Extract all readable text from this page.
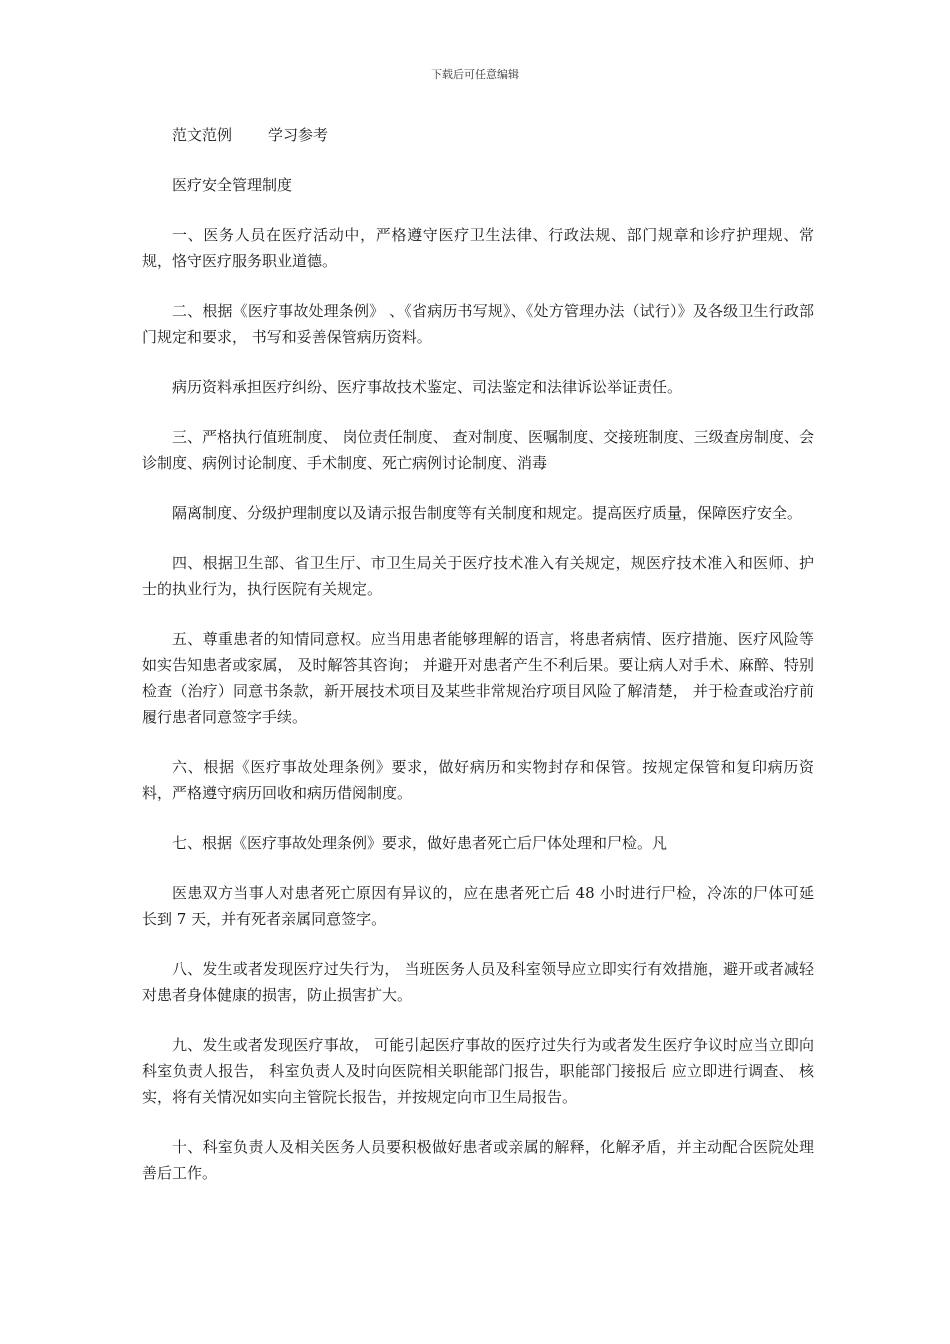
下载后可任意编辑

范文范例 学习参考

医疗安全管理制度

一、医务人员在医疗活动中，严格遵守医疗卫生法律、行政法规、部门规章和诊疗护理规、常规，恪守医疗服务职业道德。

二、根据《医疗事故处理条例》 、《省病历书写规》、《处方管理办法（试行）》及各级卫生行政部门规定和要求， 书写和妥善保管病历资料。

病历资料承担医疗纠纷、医疗事故技术鉴定、司法鉴定和法律诉讼举证责任。

三、严格执行值班制度、 岗位责任制度、 查对制度、医嘱制度、交接班制度、三级查房制度、会诊制度、病例讨论制度、手术制度、死亡病例讨论制度、消毒

隔离制度、分级护理制度以及请示报告制度等有关制度和规定。提高医疗质量，保障医疗安全。

四、根据卫生部、省卫生厅、市卫生局关于医疗技术准入有关规定，规医疗技术准入和医师、护士的执业行为，执行医院有关规定。

五、尊重患者的知情同意权。应当用患者能够理解的语言，将患者病情、医疗措施、医疗风险等如实告知患者或家属， 及时解答其咨询； 并避开对患者产生不利后果。要让病人对手术、麻醉、特别检查（治疗）同意书条款，新开展技术项目及某些非常规治疗项目风险了解清楚， 并于检查或治疗前履行患者同意签字手续。

六、根据《医疗事故处理条例》要求，做好病历和实物封存和保管。按规定保管和复印病历资料，严格遵守病历回收和病历借阅制度。

七、根据《医疗事故处理条例》要求，做好患者死亡后尸体处理和尸检。凡

医患双方当事人对患者死亡原因有异议的，应在患者死亡后 48 小时进行尸检，冷冻的尸体可延长到 7 天，并有死者亲属同意签字。

八、发生或者发现医疗过失行为， 当班医务人员及科室领导应立即实行有效措施，避开或者减轻对患者身体健康的损害，防止损害扩大。

九、发生或者发现医疗事故， 可能引起医疗事故的医疗过失行为或者发生医疗争议时应当立即向科室负责人报告， 科室负责人及时向医院相关职能部门报告，职能部门接报后 应立即进行调查、 核实，将有关情况如实向主管院长报告，并按规定向市卫生局报告。

十、科室负责人及相关医务人员要积极做好患者或亲属的解释，化解矛盾，并主动配合医院处理善后工作。
